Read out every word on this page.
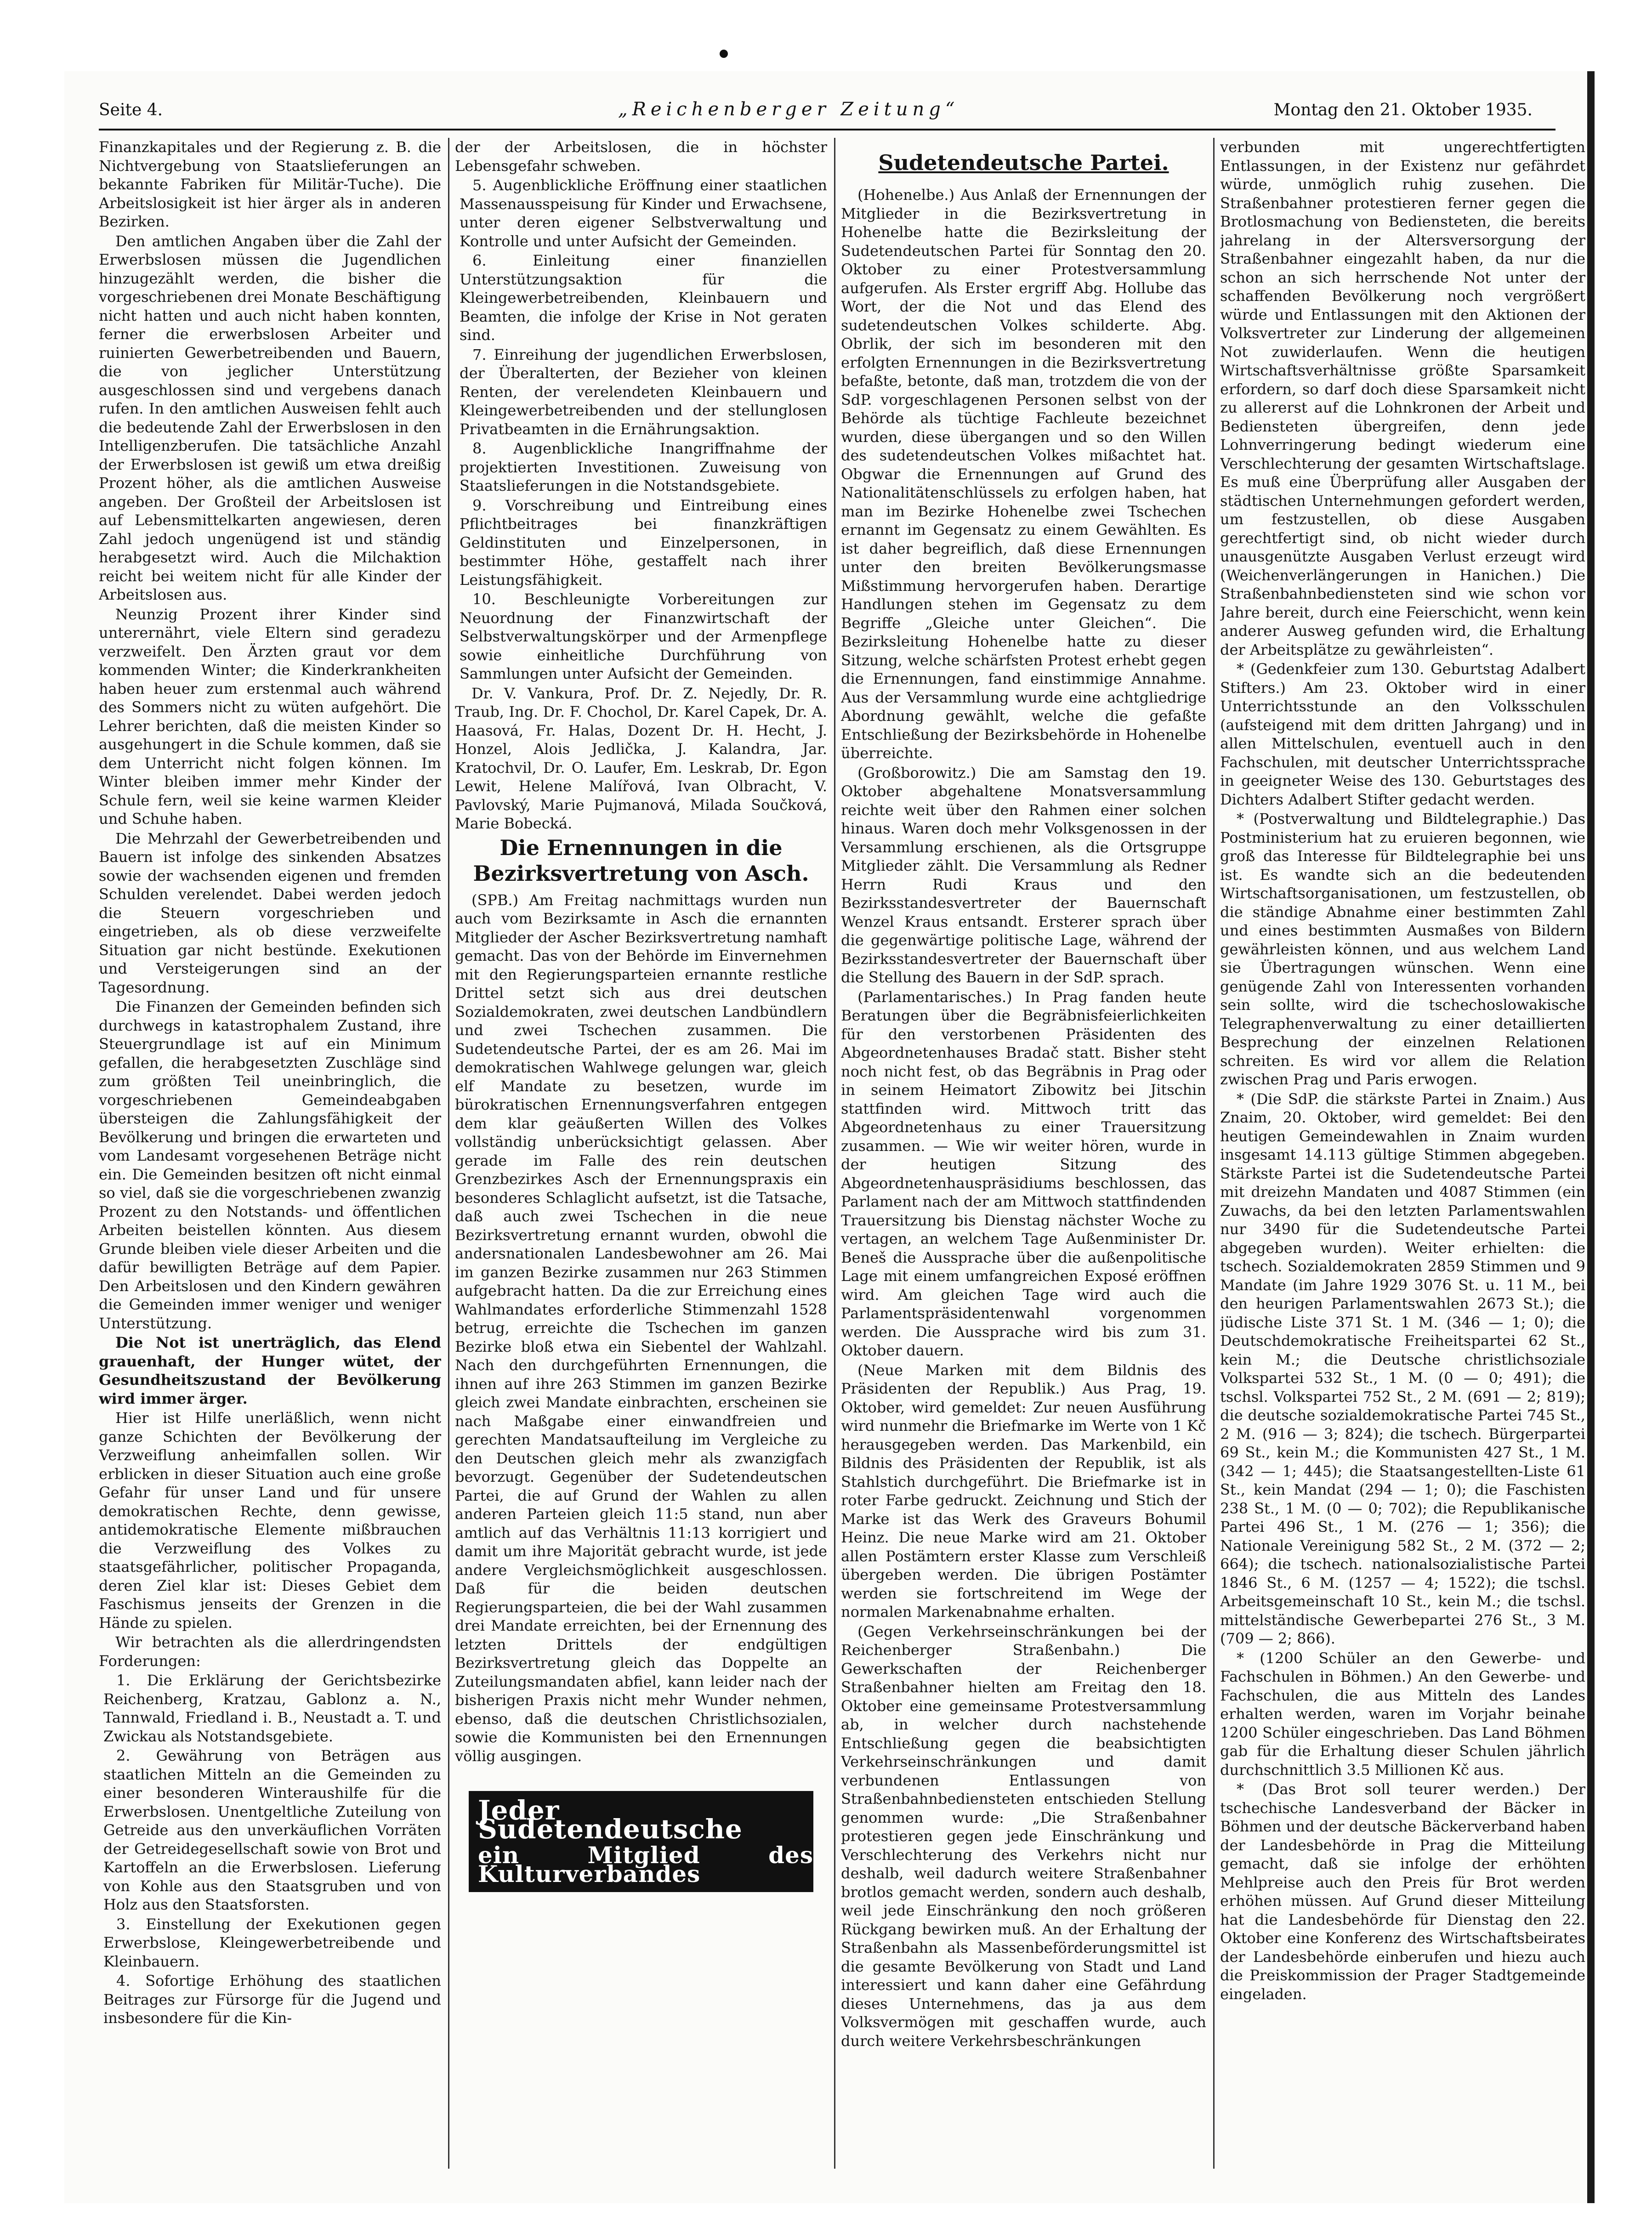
Seite 4.	„Reichenberger Zeitung“	Montag den 21. Oktober 1935.

Finanzkapitales und der Regierung z. B. die Nichtvergebung von Staatslieferungen an bekannte Fabriken für Militär-Tuche). Die Arbeitslosigkeit ist hier ärger als in anderen Bezirken.

Den amtlichen Angaben über die Zahl der Erwerbslosen müssen die Jugendlichen hinzugezählt werden, die bisher die vorgeschriebenen drei Monate Beschäftigung nicht hatten und auch nicht haben konnten, ferner die erwerbslosen Arbeiter und ruinierten Gewerbetreibenden und Bauern, die von jeglicher Unterstützung ausgeschlossen sind und vergebens danach rufen. In den amtlichen Ausweisen fehlt auch die bedeutende Zahl der Erwerbslosen in den Intelligenzberufen. Die tatsächliche Anzahl der Erwerbslosen ist gewiß um etwa dreißig Prozent höher, als die amtlichen Ausweise angeben. Der Großteil der Arbeitslosen ist auf Lebensmittelkarten angewiesen, deren Zahl jedoch ungenügend ist und ständig herabgesetzt wird. Auch die Milchaktion reicht bei weitem nicht für alle Kinder der Arbeitslosen aus.

Neunzig Prozent ihrer Kinder sind unterernährt, viele Eltern sind geradezu verzweifelt. Den Ärzten graut vor dem kommenden Winter; die Kinderkrankheiten haben heuer zum erstenmal auch während des Sommers nicht zu wüten aufgehört. Die Lehrer berichten, daß die meisten Kinder so ausgehungert in die Schule kommen, daß sie dem Unterricht nicht folgen können. Im Winter bleiben immer mehr Kinder der Schule fern, weil sie keine warmen Kleider und Schuhe haben.

Die Mehrzahl der Gewerbetreibenden und Bauern ist infolge des sinkenden Absatzes sowie der wachsenden eigenen und fremden Schulden verelendet. Dabei werden jedoch die Steuern vorgeschrieben und eingetrieben, als ob diese verzweifelte Situation gar nicht bestünde. Exekutionen und Versteigerungen sind an der Tagesordnung.

Die Finanzen der Gemeinden befinden sich durchwegs in katastrophalem Zustand, ihre Steuergrundlage ist auf ein Minimum gefallen, die herabgesetzten Zuschläge sind zum größten Teil uneinbringlich, die vorgeschriebenen Gemeindeabgaben übersteigen die Zahlungsfähigkeit der Bevölkerung und bringen die erwarteten und vom Landesamt vorgesehenen Beträge nicht ein. Die Gemeinden besitzen oft nicht einmal so viel, daß sie die vorgeschriebenen zwanzig Prozent zu den Notstands- und öffentlichen Arbeiten beistellen könnten. Aus diesem Grunde bleiben viele dieser Arbeiten und die dafür bewilligten Beträge auf dem Papier. Den Arbeitslosen und den Kindern gewähren die Gemeinden immer weniger und weniger Unterstützung.

Die Not ist unerträglich, das Elend grauenhaft, der Hunger wütet, der Gesundheitszustand der Bevölkerung wird immer ärger.

Hier ist Hilfe unerläßlich, wenn nicht ganze Schichten der Bevölkerung der Verzweiflung anheimfallen sollen. Wir erblicken in dieser Situation auch eine große Gefahr für unser Land und für unsere demokratischen Rechte, denn gewisse, antidemokratische Elemente mißbrauchen die Verzweiflung des Volkes zu staatsgefährlicher, politischer Propaganda, deren Ziel klar ist: Dieses Gebiet dem Faschismus jenseits der Grenzen in die Hände zu spielen.

Wir betrachten als die allerdringendsten Forderungen:

1. Die Erklärung der Gerichtsbezirke Reichenberg, Kratzau, Gablonz a. N., Tannwald, Friedland i. B., Neustadt a. T. und Zwickau als Notstandsgebiete.
2. Gewährung von Beträgen aus staatlichen Mitteln an die Gemeinden zu einer besonderen Winteraushilfe für die Erwerbslosen. Unentgeltliche Zuteilung von Getreide aus den unverkäuflichen Vorräten der Getreidegesellschaft sowie von Brot und Kartoffeln an die Erwerbslosen. Lieferung von Kohle aus den Staatsgruben und von Holz aus den Staatsforsten.
3. Einstellung der Exekutionen gegen Erwerbslose, Kleingewerbetreibende und Kleinbauern.
4. Sofortige Erhöhung des staatlichen Beitrages zur Fürsorge für die Jugend und insbesondere für die Kin-

der der Arbeitslosen, die in höchster Lebensgefahr schweben.

5. Augenblickliche Eröffnung einer staatlichen Massenausspeisung für Kinder und Erwachsene, unter deren eigener Selbstverwaltung und Kontrolle und unter Aufsicht der Gemeinden.
6. Einleitung einer finanziellen Unterstützungsaktion für die Kleingewerbetreibenden, Kleinbauern und Beamten, die infolge der Krise in Not geraten sind.
7. Einreihung der jugendlichen Erwerbslosen, der Überalterten, der Bezieher von kleinen Renten, der verelendeten Kleinbauern und Kleingewerbetreibenden und der stellunglosen Privatbeamten in die Ernährungsaktion.
8. Augenblickliche Inangriffnahme der projektierten Investitionen. Zuweisung von Staatslieferungen in die Notstandsgebiete.
9. Vorschreibung und Eintreibung eines Pflichtbeitrages bei finanzkräftigen Geldinstituten und Einzelpersonen, in bestimmter Höhe, gestaffelt nach ihrer Leistungsfähigkeit.
10. Beschleunigte Vorbereitungen zur Neuordnung der Finanzwirtschaft der Selbstverwaltungskörper und der Armenpflege sowie einheitliche Durchführung von Sammlungen unter Aufsicht der Gemeinden.

Dr. V. Vankura, Prof. Dr. Z. Nejedly, Dr. R. Traub, Ing. Dr. F. Chochol, Dr. Karel Capek, Dr. A. Haasová, Fr. Halas, Dozent Dr. H. Hecht, J. Honzel, Alois Jedlička, J. Kalandra, Jar. Kratochvil, Dr. O. Laufer, Em. Leskrab, Dr. Egon Lewit, Helene Malířová, Ivan Olbracht, V. Pavlovský, Marie Pujmanová, Milada Součková, Marie Bobecká.

Die Ernennungen in die Bezirksvertretung von Asch.

(SPB.) Am Freitag nachmittags wurden nun auch vom Bezirksamte in Asch die ernannten Mitglieder der Ascher Bezirksvertretung namhaft gemacht. Das von der Behörde im Einvernehmen mit den Regierungsparteien ernannte restliche Drittel setzt sich aus drei deutschen Sozialdemokraten, zwei deutschen Landbündlern und zwei Tschechen zusammen. Die Sudetendeutsche Partei, der es am 26. Mai im demokratischen Wahlwege gelungen war, gleich elf Mandate zu besetzen, wurde im bürokratischen Ernennungsverfahren entgegen dem klar geäußerten Willen des Volkes vollständig unberücksichtigt gelassen. Aber gerade im Falle des rein deutschen Grenzbezirkes Asch der Ernennungspraxis ein besonderes Schlaglicht aufsetzt, ist die Tatsache, daß auch zwei Tschechen in die neue Bezirksvertretung ernannt wurden, obwohl die andersnationalen Landesbewohner am 26. Mai im ganzen Bezirke zusammen nur 263 Stimmen aufgebracht hatten. Da die zur Erreichung eines Wahlmandates erforderliche Stimmenzahl 1528 betrug, erreichte die Tschechen im ganzen Bezirke bloß etwa ein Siebentel der Wahlzahl. Nach den durchgeführten Ernennungen, die ihnen auf ihre 263 Stimmen im ganzen Bezirke gleich zwei Mandate einbrachten, erscheinen sie nach Maßgabe einer einwandfreien und gerechten Mandatsaufteilung im Vergleiche zu den Deutschen gleich mehr als zwanzigfach bevorzugt. Gegenüber der Sudetendeutschen Partei, die auf Grund der Wahlen zu allen anderen Parteien gleich 11:5 stand, nun aber amtlich auf das Verhältnis 11:13 korrigiert und damit um ihre Majorität gebracht wurde, ist jede andere Vergleichsmöglichkeit ausgeschlossen. Daß für die beiden deutschen Regierungsparteien, die bei der Wahl zusammen drei Mandate erreichten, bei der Ernennung des letzten Drittels der endgültigen Bezirksvertretung gleich das Doppelte an Zuteilungsmandaten abfiel, kann leider nach der bisherigen Praxis nicht mehr Wunder nehmen, ebenso, daß die deutschen Christlichsozialen, sowie die Kommunisten bei den Ernennungen völlig ausgingen.

Jeder Sudetendeutsche
ein Mitglied des Kulturverbandes
Sudetendeutsche Partei.

(Hohenelbe.) Aus Anlaß der Ernennungen der Mitglieder in die Bezirksvertretung in Hohenelbe hatte die Bezirksleitung der Sudetendeutschen Partei für Sonntag den 20. Oktober zu einer Protestversammlung aufgerufen. Als Erster ergriff Abg. Hollube das Wort, der die Not und das Elend des sudetendeutschen Volkes schilderte. Abg. Obrlik, der sich im besonderen mit den erfolgten Ernennungen in die Bezirksvertretung befaßte, betonte, daß man, trotzdem die von der SdP. vorgeschlagenen Personen selbst von der Behörde als tüchtige Fachleute bezeichnet wurden, diese übergangen und so den Willen des sudetendeutschen Volkes mißachtet hat. Obgwar die Ernennungen auf Grund des Nationalitätenschlüssels zu erfolgen haben, hat man im Bezirke Hohenelbe zwei Tschechen ernannt im Gegensatz zu einem Gewählten. Es ist daher begreiflich, daß diese Ernennungen unter den breiten Bevölkerungsmasse Mißstimmung hervorgerufen haben. Derartige Handlungen stehen im Gegensatz zu dem Begriffe „Gleiche unter Gleichen“. Die Bezirksleitung Hohenelbe hatte zu dieser Sitzung, welche schärfsten Protest erhebt gegen die Ernennungen, fand einstimmige Annahme. Aus der Versammlung wurde eine achtgliedrige Abordnung gewählt, welche die gefaßte Entschließung der Bezirksbehörde in Hohenelbe überreichte.

(Großborowitz.) Die am Samstag den 19. Oktober abgehaltene Monatsversammlung reichte weit über den Rahmen einer solchen hinaus. Waren doch mehr Volksgenossen in der Versammlung erschienen, als die Ortsgruppe Mitglieder zählt. Die Versammlung als Redner Herrn Rudi Kraus und den Bezirksstandesvertreter der Bauernschaft Wenzel Kraus entsandt. Ersterer sprach über die gegenwärtige politische Lage, während der Bezirksstandesvertreter der Bauernschaft über die Stellung des Bauern in der SdP. sprach.

(Parlamentarisches.) In Prag fanden heute Beratungen über die Begräbnisfeierlichkeiten für den verstorbenen Präsidenten des Abgeordnetenhauses Bradač statt. Bisher steht noch nicht fest, ob das Begräbnis in Prag oder in seinem Heimatort Zibowitz bei Jitschin stattfinden wird. Mittwoch tritt das Abgeordnetenhaus zu einer Trauersitzung zusammen. — Wie wir weiter hören, wurde in der heutigen Sitzung des Abgeordnetenhauspräsidiums beschlossen, das Parlament nach der am Mittwoch stattfindenden Trauersitzung bis Dienstag nächster Woche zu vertagen, an welchem Tage Außenminister Dr. Beneš die Aussprache über die außenpolitische Lage mit einem umfangreichen Exposé eröffnen wird. Am gleichen Tage wird auch die Parlamentspräsidentenwahl vorgenommen werden. Die Aussprache wird bis zum 31. Oktober dauern.

(Neue Marken mit dem Bildnis des Präsidenten der Republik.) Aus Prag, 19. Oktober, wird gemeldet: Zur neuen Ausführung wird nunmehr die Briefmarke im Werte von 1 Kč herausgegeben werden. Das Markenbild, ein Bildnis des Präsidenten der Republik, ist als Stahlstich durchgeführt. Die Briefmarke ist in roter Farbe gedruckt. Zeichnung und Stich der Marke ist das Werk des Graveurs Bohumil Heinz. Die neue Marke wird am 21. Oktober allen Postämtern erster Klasse zum Verschleiß übergeben werden. Die übrigen Postämter werden sie fortschreitend im Wege der normalen Markenabnahme erhalten.

(Gegen Verkehrseinschränkungen bei der Reichenberger Straßenbahn.) Die Gewerkschaften der Reichenberger Straßenbahner hielten am Freitag den 18. Oktober eine gemeinsame Protestversammlung ab, in welcher durch nachstehende Entschließung gegen die beabsichtigten Verkehrseinschränkungen und damit verbundenen Entlassungen von Straßenbahnbediensteten entschieden Stellung genommen wurde: „Die Straßenbahner protestieren gegen jede Einschränkung und Verschlechterung des Verkehrs nicht nur deshalb, weil dadurch weitere Straßenbahner brotlos gemacht werden, sondern auch deshalb, weil jede Einschränkung den noch größeren Rückgang bewirken muß. An der Erhaltung der Straßenbahn als Massenbeförderungsmittel ist die gesamte Bevölkerung von Stadt und Land interessiert und kann daher eine Gefährdung dieses Unternehmens, das ja aus dem Volksvermögen mit geschaffen wurde, auch durch weitere Verkehrsbeschränkungen

verbunden mit ungerechtfertigten Entlassungen, in der Existenz nur gefährdet würde, unmöglich ruhig zusehen. Die Straßenbahner protestieren ferner gegen die Brotlosmachung von Bediensteten, die bereits jahrelang in der Altersversorgung der Straßenbahner eingezahlt haben, da nur die schon an sich herrschende Not unter der schaffenden Bevölkerung noch vergrößert würde und Entlassungen mit den Aktionen der Volksvertreter zur Linderung der allgemeinen Not zuwiderlaufen. Wenn die heutigen Wirtschaftsverhältnisse größte Sparsamkeit erfordern, so darf doch diese Sparsamkeit nicht zu allererst auf die Lohnkronen der Arbeit und Bediensteten übergreifen, denn jede Lohnverringerung bedingt wiederum eine Verschlechterung der gesamten Wirtschaftslage. Es muß eine Überprüfung aller Ausgaben der städtischen Unternehmungen gefordert werden, um festzustellen, ob diese Ausgaben gerechtfertigt sind, ob nicht wieder durch unausgenützte Ausgaben Verlust erzeugt wird (Weichenverlängerungen in Hanichen.) Die Straßenbahnbediensteten sind wie schon vor Jahre bereit, durch eine Feierschicht, wenn kein anderer Ausweg gefunden wird, die Erhaltung der Arbeitsplätze zu gewährleisten“.

* (Gedenkfeier zum 130. Geburtstag Adalbert Stifters.) Am 23. Oktober wird in einer Unterrichtsstunde an den Volksschulen (aufsteigend mit dem dritten Jahrgang) und in allen Mittelschulen, eventuell auch in den Fachschulen, mit deutscher Unterrichtssprache in geeigneter Weise des 130. Geburtstages des Dichters Adalbert Stifter gedacht werden.

* (Postverwaltung und Bildtelegraphie.) Das Postministerium hat zu eruieren begonnen, wie groß das Interesse für Bildtelegraphie bei uns ist. Es wandte sich an die bedeutenden Wirtschaftsorganisationen, um festzustellen, ob die ständige Abnahme einer bestimmten Zahl und eines bestimmten Ausmaßes von Bildern gewährleisten können, und aus welchem Land sie Übertragungen wünschen. Wenn eine genügende Zahl von Interessenten vorhanden sein sollte, wird die tschechoslowakische Telegraphenverwaltung zu einer detaillierten Besprechung der einzelnen Relationen schreiten. Es wird vor allem die Relation zwischen Prag und Paris erwogen.

* (Die SdP. die stärkste Partei in Znaim.) Aus Znaim, 20. Oktober, wird gemeldet: Bei den heutigen Gemeindewahlen in Znaim wurden insgesamt 14.113 gültige Stimmen abgegeben. Stärkste Partei ist die Sudetendeutsche Partei mit dreizehn Mandaten und 4087 Stimmen (ein Zuwachs, da bei den letzten Parlamentswahlen nur 3490 für die Sudetendeutsche Partei abgegeben wurden). Weiter erhielten: die tschech. Sozialdemokraten 2859 Stimmen und 9 Mandate (im Jahre 1929 3076 St. u. 11 M., bei den heurigen Parlamentswahlen 2673 St.); die jüdische Liste 371 St. 1 M. (346 — 1; 0); die Deutschdemokratische Freiheitspartei 62 St., kein M.; die Deutsche christlichsoziale Volkspartei 532 St., 1 M. (0 — 0; 491); die tschsl. Volkspartei 752 St., 2 M. (691 — 2; 819); die deutsche sozialdemokratische Partei 745 St., 2 M. (916 — 3; 824); die tschech. Bürgerpartei 69 St., kein M.; die Kommunisten 427 St., 1 M. (342 — 1; 445); die Staatsangestellten-Liste 61 St., kein Mandat (294 — 1; 0); die Faschisten 238 St., 1 M. (0 — 0; 702); die Republikanische Partei 496 St., 1 M. (276 — 1; 356); die Nationale Vereinigung 582 St., 2 M. (372 — 2; 664); die tschech. nationalsozialistische Partei 1846 St., 6 M. (1257 — 4; 1522); die tschsl. Arbeitsgemeinschaft 10 St., kein M.; die tschsl. mittelständische Gewerbepartei 276 St., 3 M. (709 — 2; 866).

* (1200 Schüler an den Gewerbe- und Fachschulen in Böhmen.) An den Gewerbe- und Fachschulen, die aus Mitteln des Landes erhalten werden, waren im Vorjahr beinahe 1200 Schüler eingeschrieben. Das Land Böhmen gab für die Erhaltung dieser Schulen jährlich durchschnittlich 3.5 Millionen Kč aus.

* (Das Brot soll teurer werden.) Der tschechische Landesverband der Bäcker in Böhmen und der deutsche Bäckerverband haben der Landesbehörde in Prag die Mitteilung gemacht, daß sie infolge der erhöhten Mehlpreise auch den Preis für Brot werden erhöhen müssen. Auf Grund dieser Mitteilung hat die Landesbehörde für Dienstag den 22. Oktober eine Konferenz des Wirtschaftsbeirates der Landesbehörde einberufen und hiezu auch die Preiskommission der Prager Stadtgemeinde eingeladen.
